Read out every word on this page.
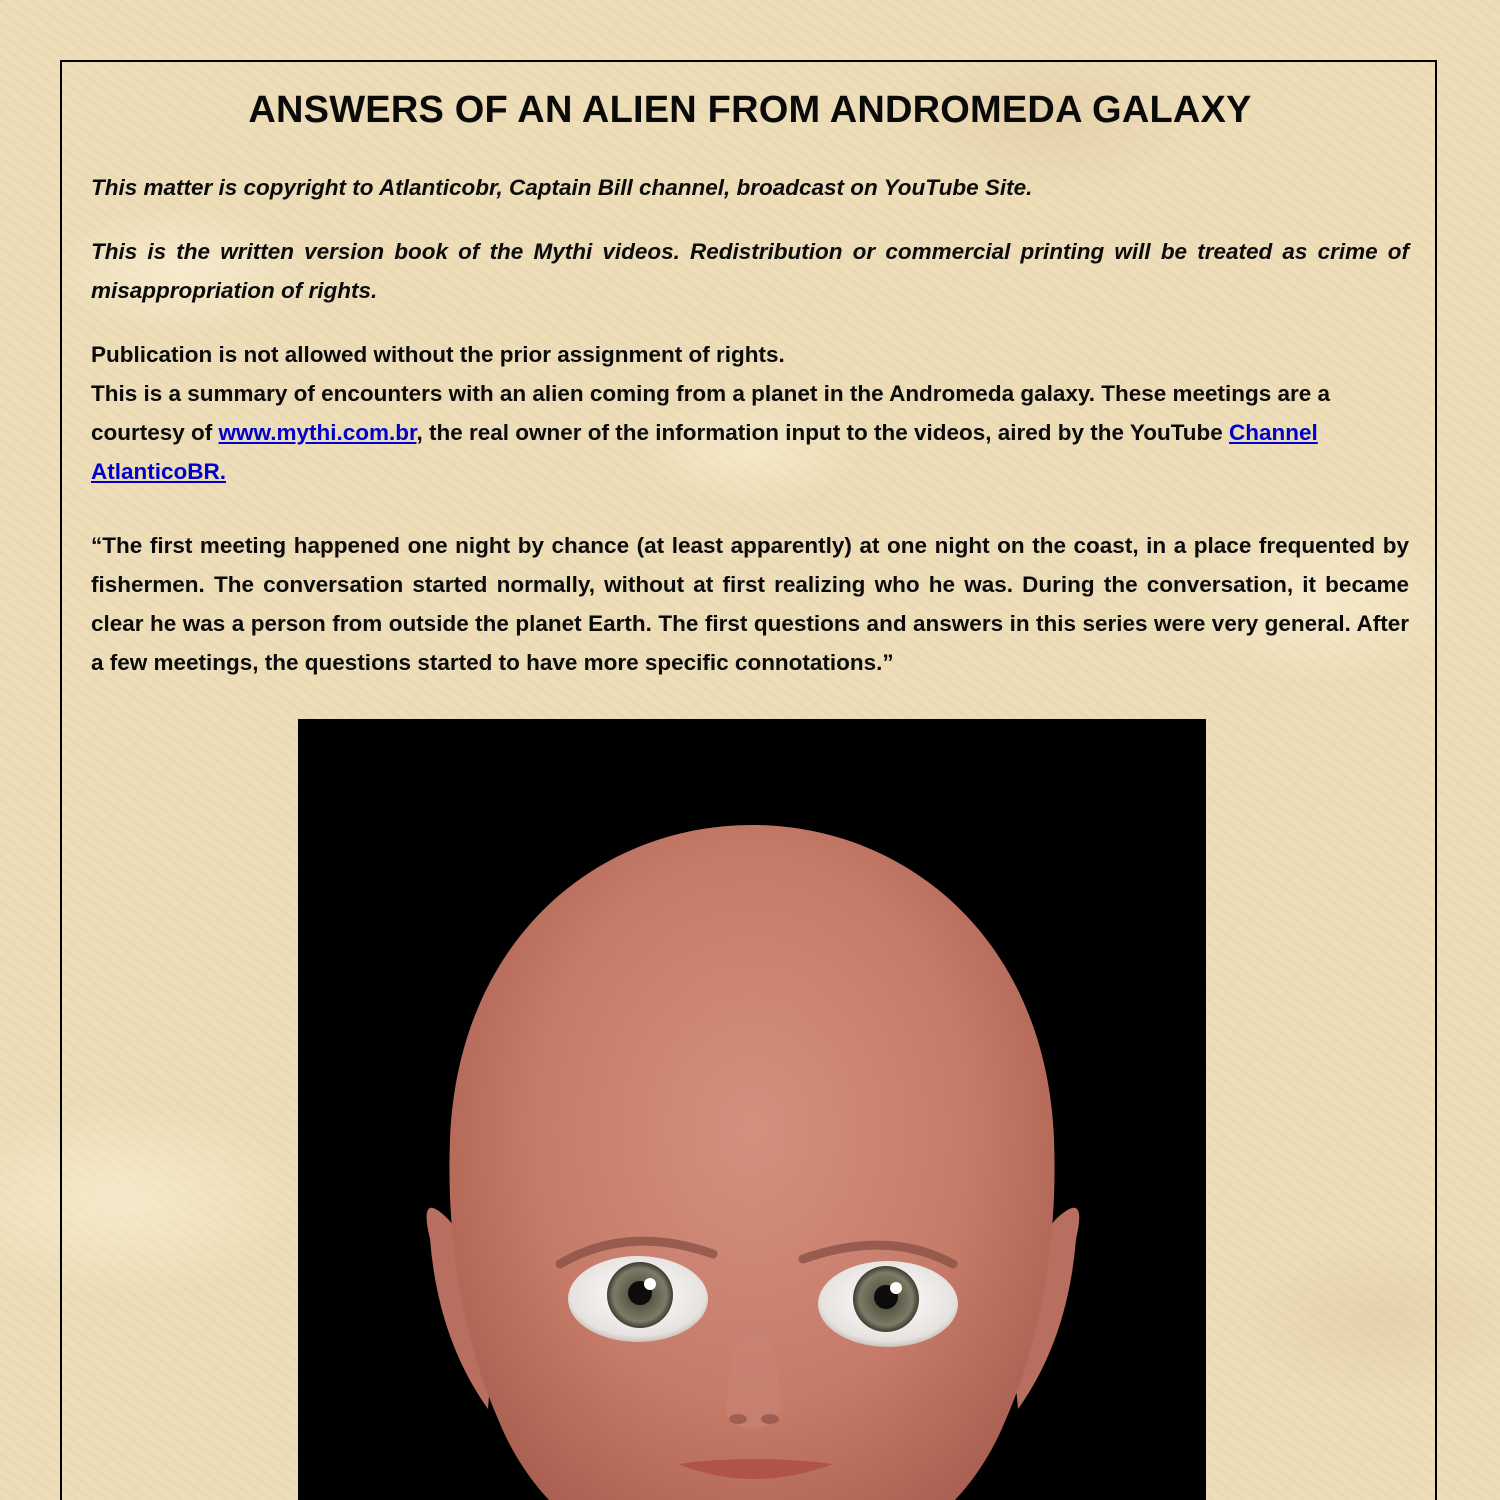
ANSWERS OF AN ALIEN FROM ANDROMEDA GALAXY

This matter is copyright to Atlanticobr, Captain Bill channel, broadcast on YouTube Site.

This is the written version book of the Mythi videos. Redistribution or commercial printing will be treated as crime of misappropriation of rights.

Publication is not allowed without the prior assignment of rights.

This is a summary of encounters with an alien coming from a planet in the Andromeda galaxy. These meetings are a courtesy of www.mythi.com.br, the real owner of the information input to the videos, aired by the YouTube Channel AtlanticoBR.

“The first meeting happened one night by chance (at least apparently) at one night on the coast, in a place frequented by fishermen. The conversation started normally, without at first realizing who he was. During the conversation, it became clear he was a person from outside the planet Earth. The first questions and answers in this series were very general. After a few meetings, the questions started to have more specific connotations.”
